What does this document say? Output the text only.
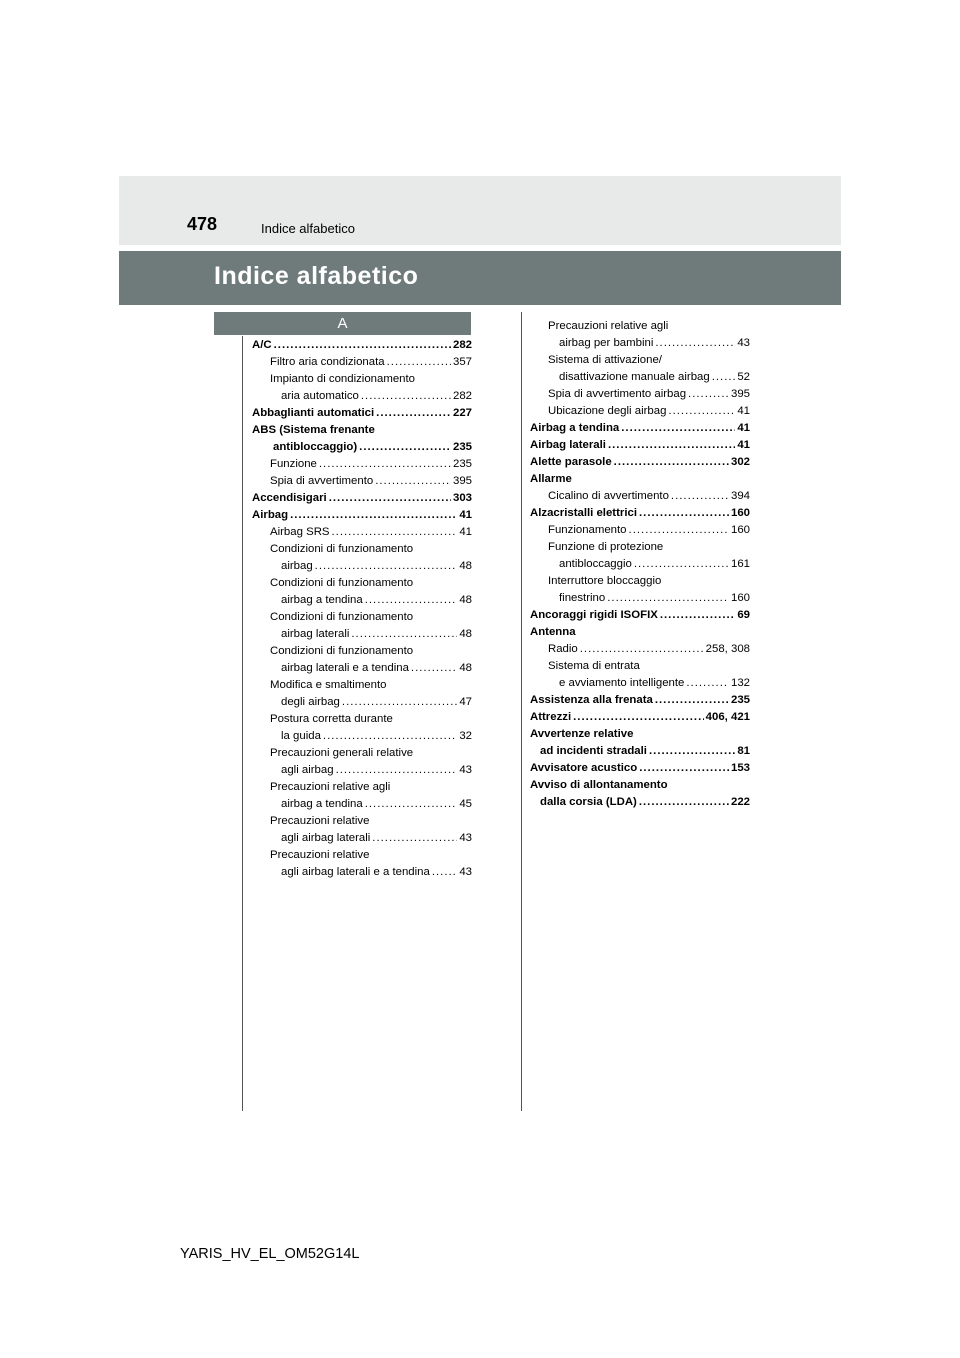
478	Indice alfabetico
Indice alfabetico
A
A/C .....	282
Filtro aria condizionata .....	357
Impianto di condizionamento
aria automatico .....	282
Abbaglianti automatici .....	227
ABS (Sistema frenante
antibloccaggio) .....	235
Funzione .....	235
Spia di avvertimento .....	395
Accendisigari .....	303
Airbag .....	41
Airbag SRS .....	41
Condizioni di funzionamento
airbag .....	48
Condizioni di funzionamento
airbag a tendina .....	48
Condizioni di funzionamento
airbag laterali .....	48
Condizioni di funzionamento
airbag laterali e a tendina .....	48
Modifica e smaltimento
degli airbag .....	47
Postura corretta durante
la guida .....	32
Precauzioni generali relative
agli airbag .....	43
Precauzioni relative agli
airbag a tendina .....	45
Precauzioni relative
agli airbag laterali .....	43
Precauzioni relative
agli airbag laterali e a tendina .....	43
Precauzioni relative agli
airbag per bambini .....	43
Sistema di attivazione/
disattivazione manuale airbag ..... 52
Spia di avvertimento airbag .....	395
Ubicazione degli airbag .....	41
Airbag a tendina .....	41
Airbag laterali .....	41
Alette parasole .....	302
Allarme
Cicalino di avvertimento .....	394
Alzacristalli elettrici .....	160
Funzionamento .....	160
Funzione di protezione
antibloccaggio .....	161
Interruttore bloccaggio
finestrino .....	160
Ancoraggi rigidi ISOFIX .....	69
Antenna
Radio .....	258, 308
Sistema di entrata
e avviamento intelligente .....	132
Assistenza alla frenata .....	235
Attrezzi .....	406, 421
Avvertenze relative
ad incidenti stradali .....	81
Avvisatore acustico .....	153
Avviso di allontanamento
dalla corsia (LDA) .....	222
YARIS_HV_EL_OM52G14L
